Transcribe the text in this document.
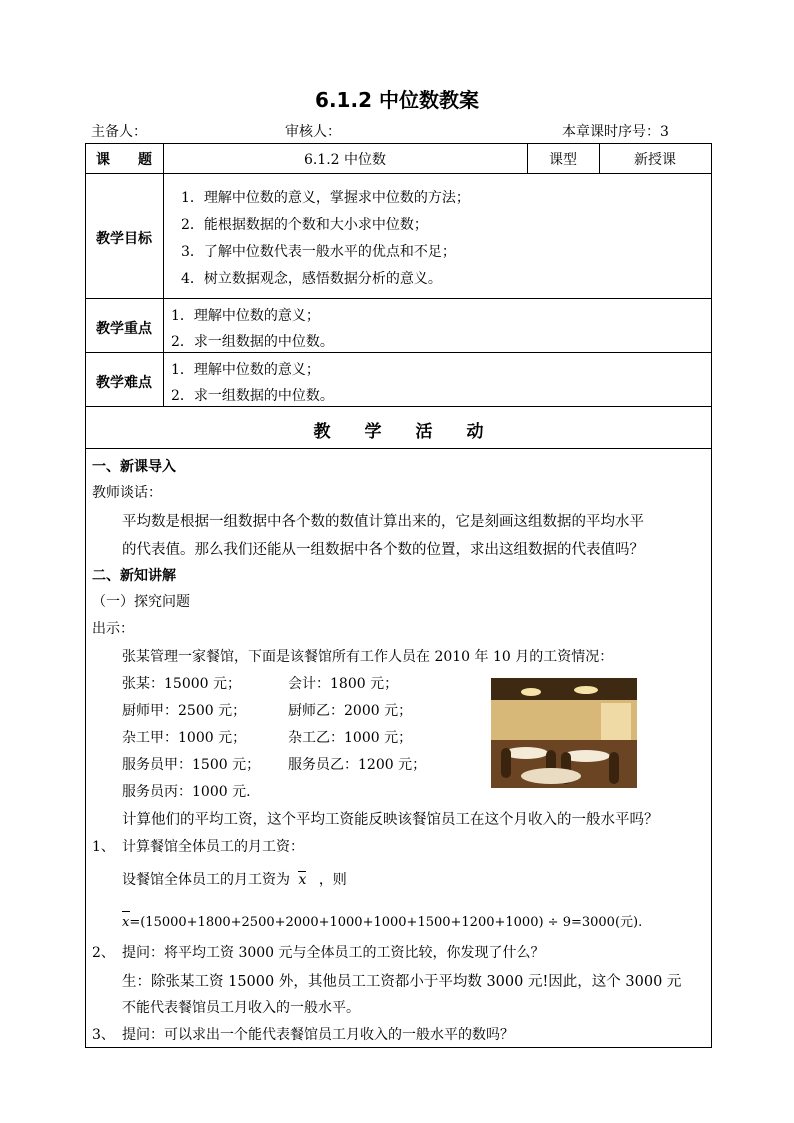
6.1.2 中位数教案
主备人：	审核人：	本章课时序号：3
课　　题	6.1.2 中位数	课型	新授课
教学目标
1．理解中位数的意义，掌握求中位数的方法；
2．能根据数据的个数和大小求中位数；
3．了解中位数代表一般水平的优点和不足；
4．树立数据观念，感悟数据分析的意义。
教学重点
1．理解中位数的意义；
2．求一组数据的中位数。
教学难点
1．理解中位数的意义；
2．求一组数据的中位数。
教　　学　　活　　动
一、新课导入
教师谈话：
平均数是根据一组数据中各个数的数值计算出来的，它是刻画这组数据的平均水平
的代表值。那么我们还能从一组数据中各个数的位置，求出这组数据的代表值吗？
二、新知讲解
（一）探究问题
出示：
张某管理一家餐馆，下面是该餐馆所有工作人员在 2010 年 10 月的工资情况：
张某：15000 元；	会计：1800 元；
厨师甲：2500 元；	厨师乙：2000 元；
杂工甲：1000 元；	杂工乙：1000 元；
服务员甲：1500 元； 服务员乙：1200 元；
服务员丙：1000 元.
计算他们的平均工资，这个平均工资能反映该餐馆员工在这个月收入的一般水平吗？
1、 计算餐馆全体员工的月工资：
设餐馆全体员工的月工资为 x ，则
x=(15000+1800+2500+2000+1000+1000+1500+1200+1000) ÷ 9=3000(元).
2、 提问：将平均工资 3000 元与全体员工的工资比较，你发现了什么？
生：除张某工资 15000 外，其他员工工资都小于平均数 3000 元!因此，这个 3000 元
不能代表餐馆员工月收入的一般水平。
3、 提问：可以求出一个能代表餐馆员工月收入的一般水平的数吗？
